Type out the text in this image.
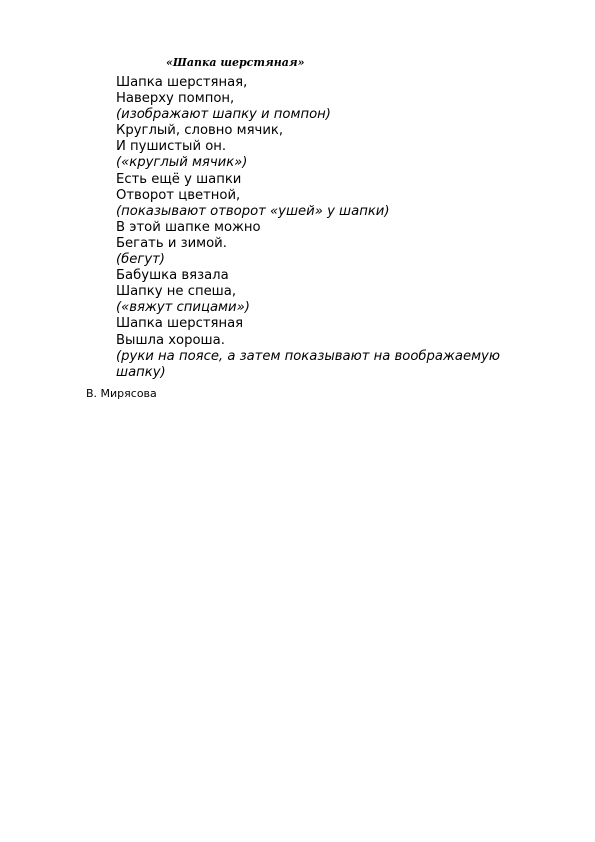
«Шапка шерстяная»
Шапка шерстяная,
Наверху помпон,
(изображают шапку и помпон)
Круглый, словно мячик,
И пушистый он.
(«круглый мячик»)
Есть ещё у шапки
Отворот цветной,
(показывают отворот «ушей» у шапки)
В этой шапке можно
Бегать и зимой.
(бегут)
Бабушка вязала
Шапку не спеша,
(«вяжут спицами»)
Шапка шерстяная
Вышла хороша.
(руки на поясе, а затем показывают на воображаемую шапку)
В. Мирясова
